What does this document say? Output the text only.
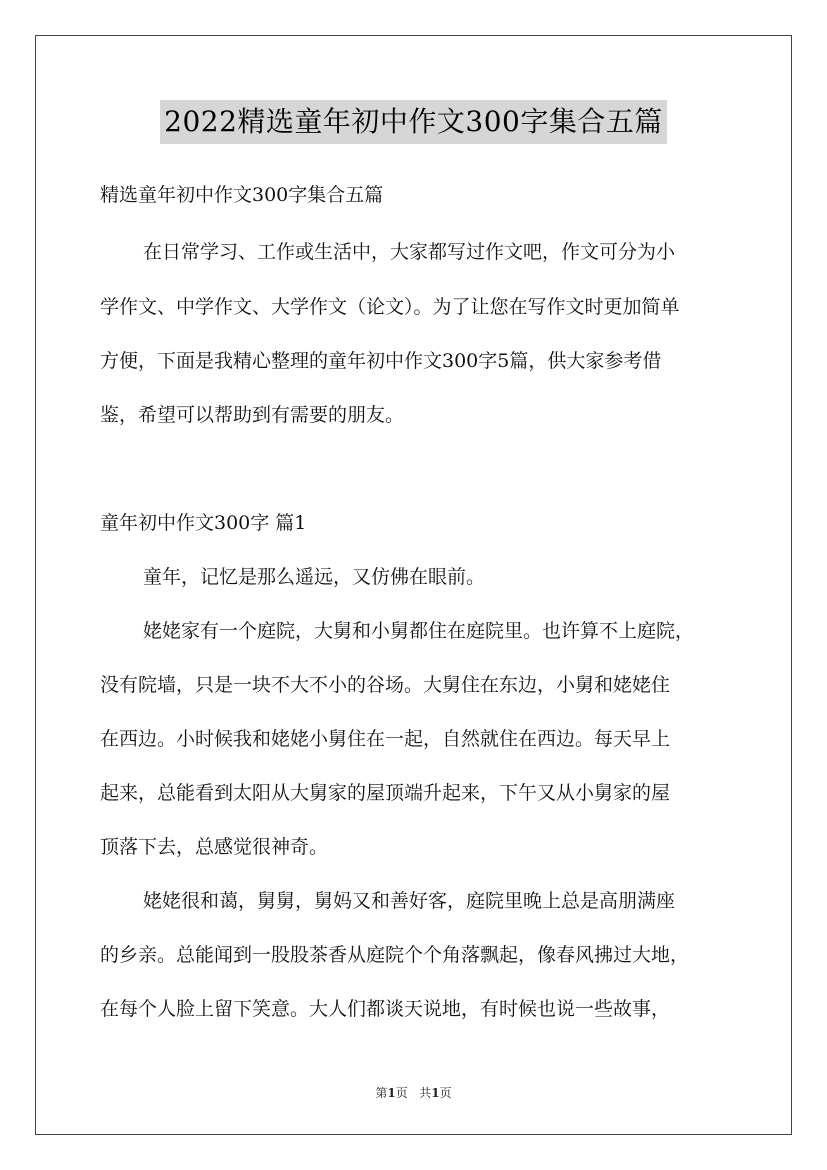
2022精选童年初中作文300字集合五篇
精选童年初中作文300字集合五篇
在日常学习、工作或生活中，大家都写过作文吧，作文可分为小
学作文、中学作文、大学作文（论文）。为了让您在写作文时更加简单
方便，下面是我精心整理的童年初中作文300字5篇，供大家参考借
鉴，希望可以帮助到有需要的朋友。
童年初中作文300字 篇1
童年，记忆是那么遥远，又仿佛在眼前。
姥姥家有一个庭院，大舅和小舅都住在庭院里。也许算不上庭院，
没有院墙，只是一块不大不小的谷场。大舅住在东边，小舅和姥姥住
在西边。小时候我和姥姥小舅住在一起，自然就住在西边。每天早上
起来，总能看到太阳从大舅家的屋顶端升起来，下午又从小舅家的屋
顶落下去，总感觉很神奇。
姥姥很和蔼，舅舅，舅妈又和善好客，庭院里晚上总是高朋满座
的乡亲。总能闻到一股股茶香从庭院个个角落飘起，像春风拂过大地，
在每个人脸上留下笑意。大人们都谈天说地，有时候也说一些故事，
第1页 共1页
